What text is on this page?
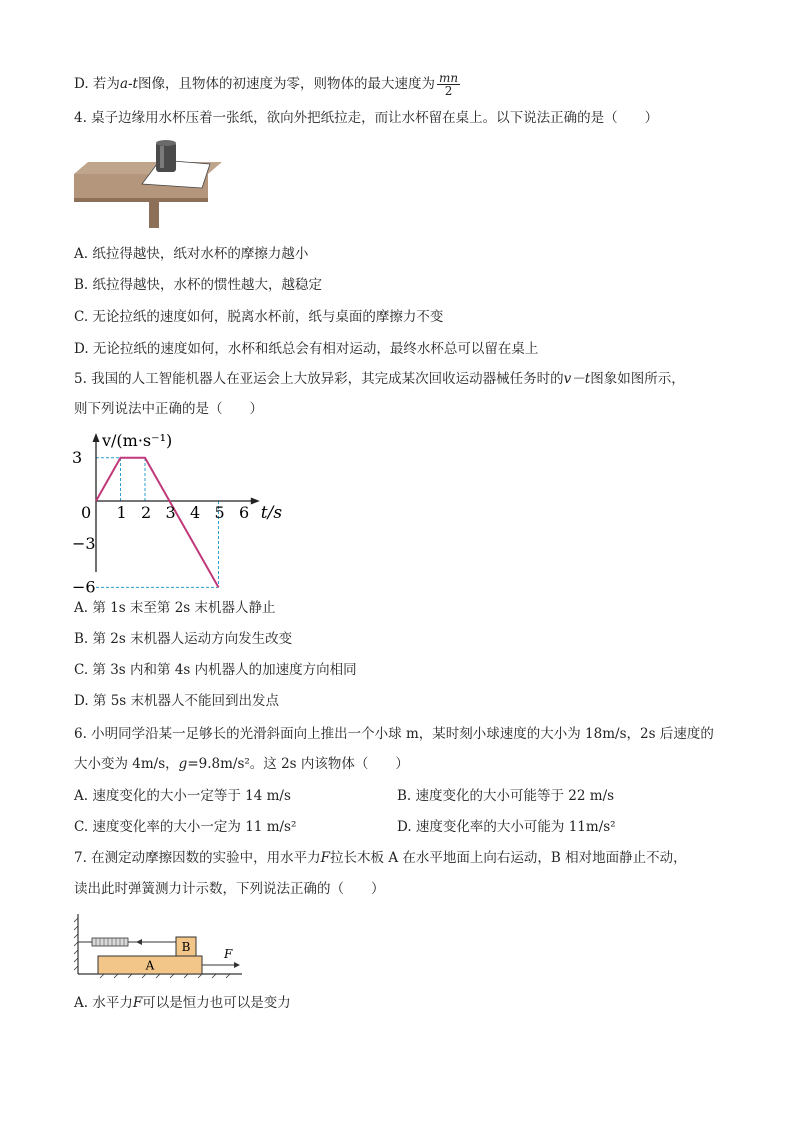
D. 若为a-t图像，且物体的初速度为零，则物体的最大速度为 $\frac{mn}{2}$
4. 桌子边缘用水杯压着一张纸，欲向外把纸拉走，而让水杯留在桌上。以下说法正确的是（　　）
A. 纸拉得越快，纸对水杯的摩擦力越小
B. 纸拉得越快，水杯的惯性越大，越稳定
C. 无论拉纸的速度如何，脱离水杯前，纸与桌面的摩擦力不变
D. 无论拉纸的速度如何，水杯和纸总会有相对运动，最终水杯总可以留在桌上
5. 我国的人工智能机器人在亚运会上大放异彩，其完成某次回收运动器械任务时的v－t图象如图所示，
则下列说法中正确的是（　　）
0 1 2 3 4 5 6
3
−3
−6
t/s
v/(m·s⁻¹)
A. 第 1s 末至第 2s 末机器人静止
B. 第 2s 末机器人运动方向发生改变
C. 第 3s 内和第 4s 内机器人的加速度方向相同
D. 第 5s 末机器人不能回到出发点
6. 小明同学沿某一足够长的光滑斜面向上推出一个小球 m，某时刻小球速度的大小为 18m/s，2s 后速度的
大小变为 4m/s，g=9.8m/s²。这 2s 内该物体（　　）
A. 速度变化的大小一定等于 14 m/s	B. 速度变化的大小可能等于 22 m/s
C. 速度变化率的大小一定为 11 m/s²	D. 速度变化率的大小可能为 11m/s²
7. 在测定动摩擦因数的实验中，用水平力F拉长木板 A 在水平地面上向右运动，B 相对地面静止不动，
读出此时弹簧测力计示数，下列说法正确的（　　）
A
B	F
A. 水平力F可以是恒力也可以是变力
